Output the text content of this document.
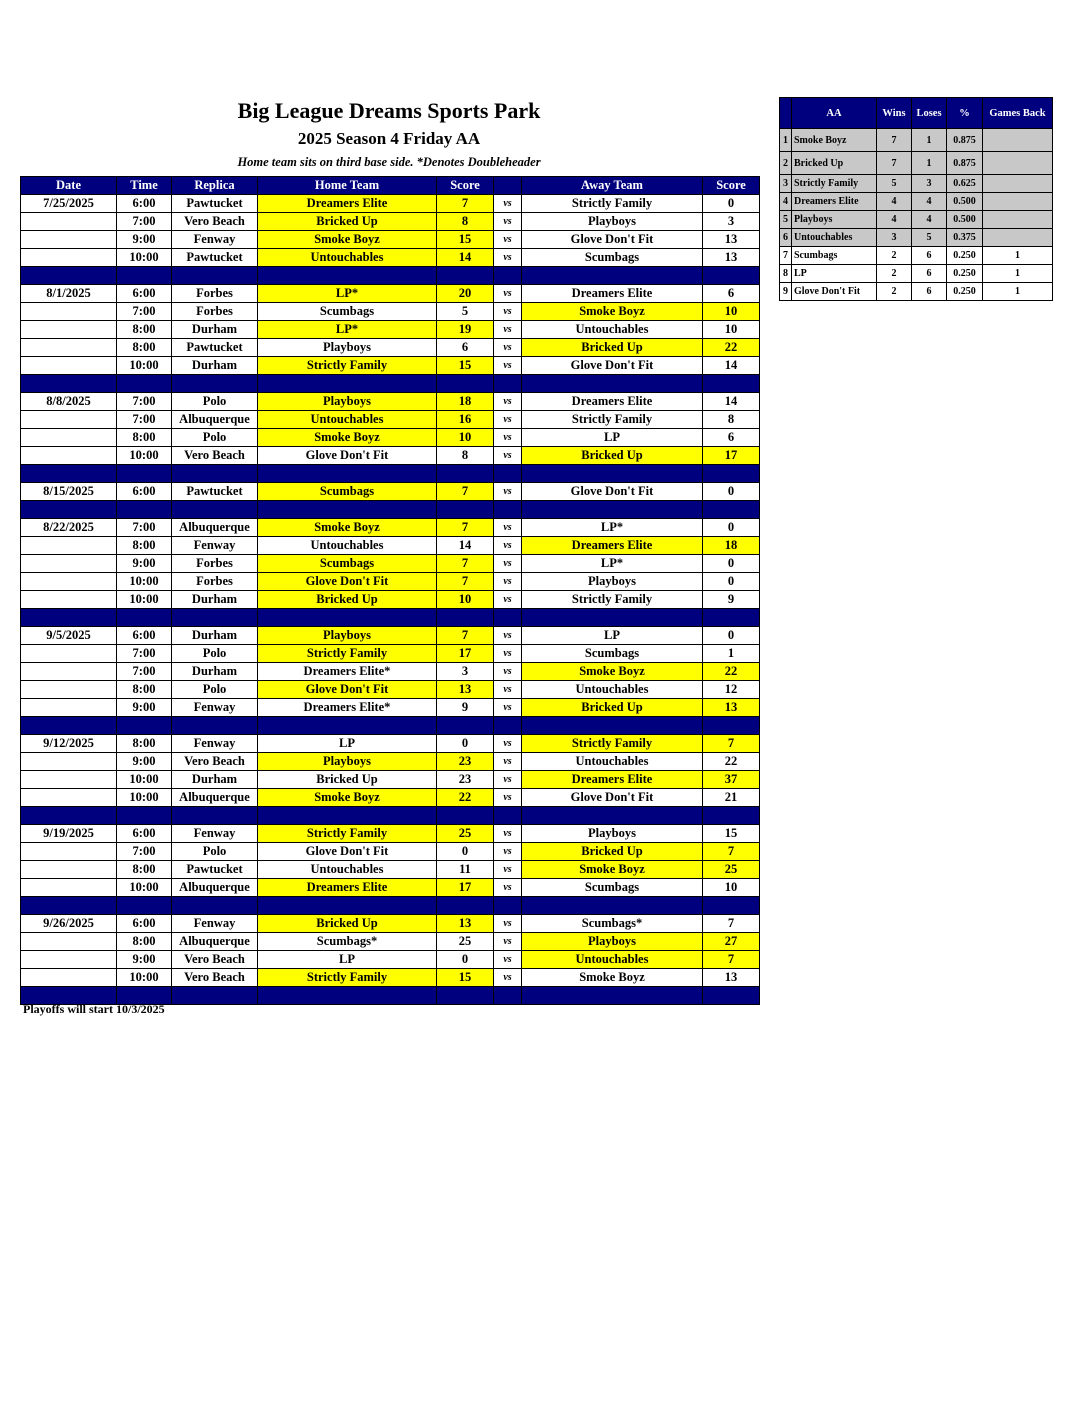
Big League Dreams Sports Park
2025 Season 4 Friday AA
Home team sits on third base side. *Denotes Doubleheader
Date	Time	Replica	Home Team	Score		Away Team	Score
7/25/2025	6:00	Pawtucket	Dreamers Elite	7	vs	Strictly Family	0
	7:00	Vero Beach	Bricked Up	8	vs	Playboys	3
	9:00	Fenway	Smoke Boyz	15	vs	Glove Don't Fit	13
	10:00	Pawtucket	Untouchables	14	vs	Scumbags	13

8/1/2025	6:00	Forbes	LP*	20	vs	Dreamers Elite	6
	7:00	Forbes	Scumbags	5	vs	Smoke Boyz	10
	8:00	Durham	LP*	19	vs	Untouchables	10
	8:00	Pawtucket	Playboys	6	vs	Bricked Up	22
	10:00	Durham	Strictly Family	15	vs	Glove Don't Fit	14

8/8/2025	7:00	Polo	Playboys	18	vs	Dreamers Elite	14
	7:00	Albuquerque	Untouchables	16	vs	Strictly Family	8
	8:00	Polo	Smoke Boyz	10	vs	LP	6
	10:00	Vero Beach	Glove Don't Fit	8	vs	Bricked Up	17

8/15/2025	6:00	Pawtucket	Scumbags	7	vs	Glove Don't Fit	0

8/22/2025	7:00	Albuquerque	Smoke Boyz	7	vs	LP*	0
	8:00	Fenway	Untouchables	14	vs	Dreamers Elite	18
	9:00	Forbes	Scumbags	7	vs	LP*	0
	10:00	Forbes	Glove Don't Fit	7	vs	Playboys	0
	10:00	Durham	Bricked Up	10	vs	Strictly Family	9

9/5/2025	6:00	Durham	Playboys	7	vs	LP	0
	7:00	Polo	Strictly Family	17	vs	Scumbags	1
	7:00	Durham	Dreamers Elite*	3	vs	Smoke Boyz	22
	8:00	Polo	Glove Don't Fit	13	vs	Untouchables	12
	9:00	Fenway	Dreamers Elite*	9	vs	Bricked Up	13

9/12/2025	8:00	Fenway	LP	0	vs	Strictly Family	7
	9:00	Vero Beach	Playboys	23	vs	Untouchables	22
	10:00	Durham	Bricked Up	23	vs	Dreamers Elite	37
	10:00	Albuquerque	Smoke Boyz	22	vs	Glove Don't Fit	21

9/19/2025	6:00	Fenway	Strictly Family	25	vs	Playboys	15
	7:00	Polo	Glove Don't Fit	0	vs	Bricked Up	7
	8:00	Pawtucket	Untouchables	11	vs	Smoke Boyz	25
	10:00	Albuquerque	Dreamers Elite	17	vs	Scumbags	10

9/26/2025	6:00	Fenway	Bricked Up	13	vs	Scumbags*	7
	8:00	Albuquerque	Scumbags*	25	vs	Playboys	27
	9:00	Vero Beach	LP	0	vs	Untouchables	7
	10:00	Vero Beach	Strictly Family	15	vs	Smoke Boyz	13

Playoffs will start 10/3/2025
	AA	Wins	Loses	%	Games Back
1	Smoke Boyz	7	1	0.875	
2	Bricked Up	7	1	0.875	
3	Strictly Family	5	3	0.625	
4	Dreamers Elite	4	4	0.500	
5	Playboys	4	4	0.500	
6	Untouchables	3	5	0.375	
7	Scumbags	2	6	0.250	1
8	LP	2	6	0.250	1
9	Glove Don't Fit	2	6	0.250	1
